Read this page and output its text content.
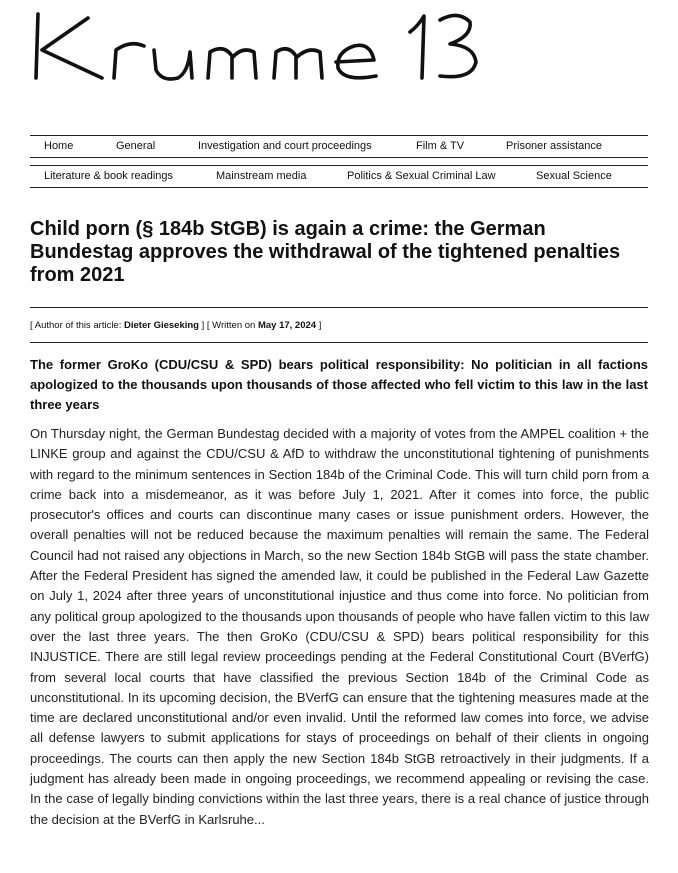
Home	General	Investigation and court proceedings	Film & TV	Prisoner assistance
Literature & book readings	Mainstream media	Politics & Sexual Criminal Law	Sexual Science
Child porn (§ 184b StGB) is again a crime: the German Bundestag approves the withdrawal of the tightened penalties from 2021
[ Author of this article: Dieter Gieseking ] [ Written on May 17, 2024 ]

The former GroKo (CDU/CSU & SPD) bears political responsibility: No politician in all factions apologized to the thousands upon thousands of those affected who fell victim to this law in the last three years

On Thursday night, the German Bundestag decided with a majority of votes from the AMPEL coalition + the LINKE group and against the CDU/CSU & AfD to withdraw the unconstitutional tightening of punishments with regard to the minimum sentences in Section 184b of the Criminal Code. This will turn child porn from a crime back into a misdemeanor, as it was before July 1, 2021. After it comes into force, the public prosecutor's offices and courts can discontinue many cases or issue punishment orders. However, the overall penalties will not be reduced because the maximum penalties will remain the same. The Federal Council had not raised any objections in March, so the new Section 184b StGB will pass the state chamber. After the Federal President has signed the amended law, it could be published in the Federal Law Gazette on July 1, 2024 after three years of unconstitutional injustice and thus come into force. No politician from any political group apologized to the thousands upon thousands of people who have fallen victim to this law over the last three years. The then GroKo (CDU/CSU & SPD) bears political responsibility for this INJUSTICE. There are still legal review proceedings pending at the Federal Constitutional Court (BVerfG) from several local courts that have classified the previous Section 184b of the Criminal Code as unconstitutional. In its upcoming decision, the BVerfG can ensure that the tightening measures made at the time are declared unconstitutional and/or even invalid. Until the reformed law comes into force, we advise all defense lawyers to submit applications for stays of proceedings on behalf of their clients in ongoing proceedings. The courts can then apply the new Section 184b StGB retroactively in their judgments. If a judgment has already been made in ongoing proceedings, we recommend appealing or revising the case. In the case of legally binding convictions within the last three years, there is a real chance of justice through the decision at the BVerfG in Karlsruhe...
